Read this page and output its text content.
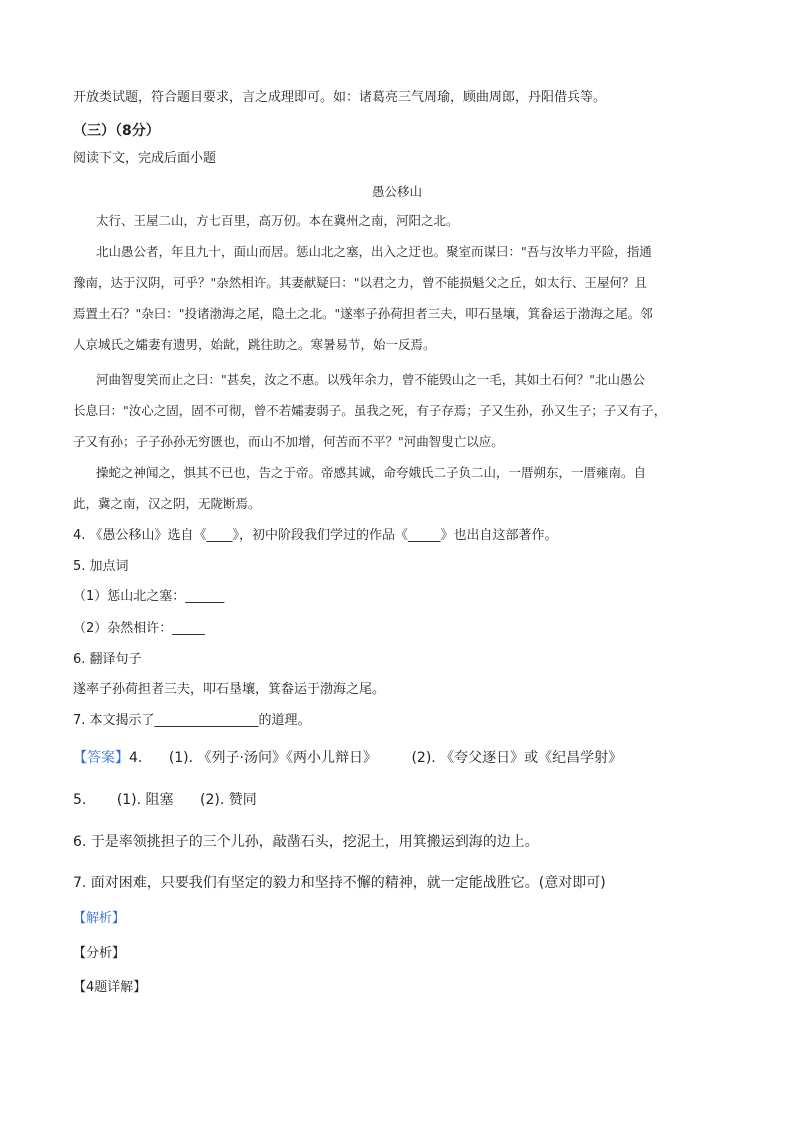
开放类试题，符合题目要求，言之成理即可。如：诸葛亮三气周瑜，顾曲周郎，丹阳借兵等。
（三）（8分）
阅读下文，完成后面小题
愚公移山
太行、王屋二山，方七百里，高万仞。本在冀州之南，河阳之北。
北山愚公者，年且九十，面山而居。惩山北之塞，出入之迂也。聚室而谋曰："吾与汝毕力平险，指通
豫南，达于汉阴，可乎？"杂然相许。其妻献疑曰："以君之力，曾不能损魁父之丘，如太行、王屋何？且
焉置土石？"杂曰："投诸渤海之尾，隐土之北。"遂率子孙荷担者三夫，叩石垦壤，箕畚运于渤海之尾。邻
人京城氏之孀妻有遗男，始龀，跳往助之。寒暑易节，始一反焉。
河曲智叟笑而止之曰："甚矣，汝之不惠。以残年余力，曾不能毁山之一毛，其如土石何？"北山愚公
长息曰："汝心之固，固不可彻，曾不若孀妻弱子。虽我之死，有子存焉；子又生孙，孙又生子；子又有子，
子又有孙；子子孙孙无穷匮也，而山不加增，何苦而不平？"河曲智叟亡以应。
操蛇之神闻之，惧其不已也，告之于帝。帝感其诚，命夸娥氏二子负二山，一厝朔东，一厝雍南。自
此，冀之南，汉之阴，无陇断焉。
4. 《愚公移山》选自《____》，初中阶段我们学过的作品《_____》也出自这部著作。
5. 加点词
（1）惩山北之塞：______
（2）杂然相许：_____
6. 翻译句子
遂率子孙荷担者三夫，叩石垦壤，箕畚运于渤海之尾。
7. 本文揭示了________________的道理。
【答案】4. (1). 《列子·汤问》《两小儿辩日》 (2). 《夸父逐日》或《纪昌学射》
5. (1). 阻塞 (2). 赞同
6. 于是率领挑担子的三个儿孙，敲凿石头，挖泥土，用箕搬运到海的边上。
7. 面对困难，只要我们有坚定的毅力和坚持不懈的精神，就一定能战胜它。(意对即可)
【解析】
【分析】
【4题详解】
